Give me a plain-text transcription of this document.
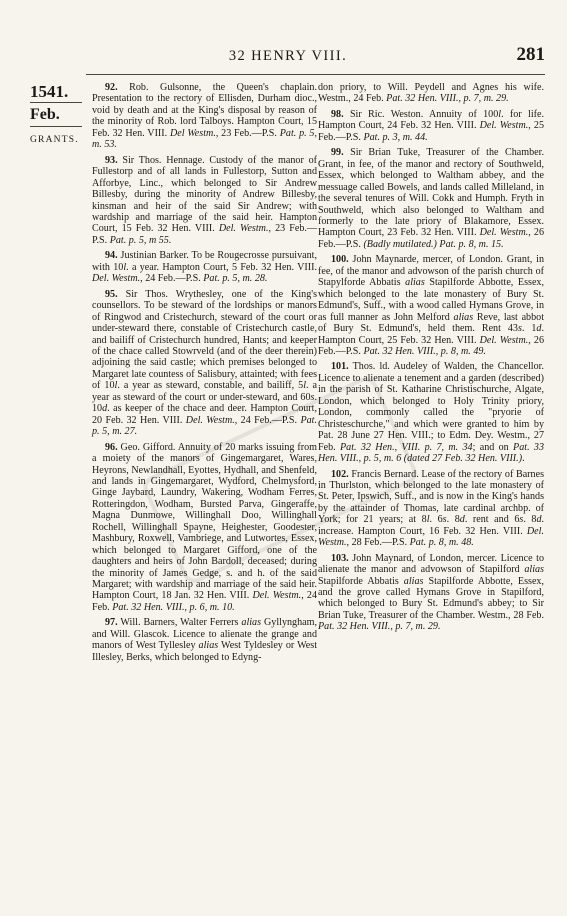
32 HENRY VIII.	281
1541.
Feb.
GRANTS.

92. Rob. Gulsonne, the Queen's chaplain. Presentation to the rectory of Ellisden, Durham dioc., void by death and at the King's disposal by reason of the minority of Rob. lord Talboys. Hampton Court, 15 Feb. 32 Hen. VIII. Del Westm., 23 Feb.—P.S. Pat. p. 5, m. 53.

93. Sir Thos. Hennage. Custody of the manor of Fullestorp and of all lands in Fullestorp, Sutton and Afforbye, Linc., which belonged to Sir Andrew Billesby, during the minority of Andrew Billesby, kinsman and heir of the said Sir Andrew; with wardship and marriage of the said heir. Hampton Court, 15 Feb. 32 Hen. VIII. Del. Westm., 23 Feb.—P.S. Pat. p. 5, m 55.

94. Justinian Barker. To be Rougecrosse pursuivant, with 10l. a year. Hampton Court, 5 Feb. 32 Hen. VIII. Del. Westm., 24 Feb.—P.S. Pat. p. 5, m. 28.

95. Sir Thos. Wrythesley, one of the King's counsellors. To be steward of the lordships or manors of Ringwod and Cristechurch, steward of the court or under-steward there, constable of Cristechurch castle, and bailiff of Cristechurch hundred, Hants; and keeper of the chace called Stowrveld (and of the deer therein) adjoining the said castle; which premises belonged to Margaret late countess of Salisbury, attainted; with fees of 10l. a year as steward, constable, and bailiff, 5l. a year as steward of the court or under-steward, and 60s. 10d. as keeper of the chace and deer. Hampton Court, 20 Feb. 32 Hen. VIII. Del. Westm., 24 Feb.—P.S. Pat. p. 5, m. 27.

96. Geo. Gifford. Annuity of 20 marks issuing from a moiety of the manors of Gingemargaret, Wares, Heyrons, Newlandhall, Eyottes, Hydhall, and Shenfeld, and lands in Gingemargaret, Wydford, Chelmysford, Ginge Jaybard, Laundry, Wakering, Wodham Ferres, Rotteringdon, Wodham, Bursted Parva, Gingeraffe, Magna Dunmowe, Willinghall Doo, Willinghall Rochell, Willinghall Spayne, Heighester, Goodester, Mashbury, Roxwell, Vambriege, and Lutwortes, Essex, which belonged to Margaret Gifford, one of the daughters and heirs of John Bardoll, deceased; during the minority of James Gedge, s. and h. of the said Margaret; with wardship and marriage of the said heir. Hampton Court, 18 Jan. 32 Hen. VIII. Del. Westm., 24 Feb. Pat. 32 Hen. VIII., p. 6, m. 10.

97. Will. Barners, Walter Ferrers alias Gyllyngham, and Will. Glascok. Licence to alienate the grange and manors of West Tyllesley alias West Tyldesley or West Illesley, Berks, which belonged to Edyng-

don priory, to Will. Peydell and Agnes his wife. Westm., 24 Feb. Pat. 32 Hen. VIII., p. 7, m. 29.

98. Sir Ric. Weston. Annuity of 100l. for life. Hampton Court, 24 Feb. 32 Hen. VIII. Del. Westm., 25 Feb.—P.S. Pat. p. 3, m. 44.

99. Sir Brian Tuke, Treasurer of the Chamber. Grant, in fee, of the manor and rectory of Southweld, Essex, which belonged to Waltham abbey, and the messuage called Bowels, and lands called Milleland, in the several tenures of Will. Cokk and Humph. Fryth in Southweld, which also belonged to Waltham and formerly to the late priory of Blakamore, Essex. Hampton Court, 23 Feb. 32 Hen. VIII. Del. Westm., 26 Feb.—P.S. (Badly mutilated.) Pat. p. 8, m. 15.

100. John Maynarde, mercer, of London. Grant, in fee, of the manor and advowson of the parish church of Stapylforde Abbatis alias Stapilforde Abbotte, Essex, which belonged to the late monastery of Bury St. Edmund's, Suff., with a wood called Hymans Grove, in as full manner as John Melford alias Reve, last abbot of Bury St. Edmund's, held them. Rent 43s. 1d. Hampton Court, 25 Feb. 32 Hen. VIII. Del. Westm., 26 Feb.—P.S. Pat. 32 Hen. VIII., p. 8, m. 49.

101. Thos. ld. Audeley of Walden, the Chancellor. Licence to alienate a tenement and a garden (described) in the parish of St. Katharine Christischurche, Algate, London, which belonged to Holy Trinity priory, London, commonly called the "pryorie of Christeschurche," and which were granted to him by Pat. 28 June 27 Hen. VIII.; to Edm. Dey. Westm., 27 Feb. Pat. 32 Hen., VIII. p. 7, m. 34; and on Pat. 33 Hen. VIII., p. 5, m. 6 (dated 27 Feb. 32 Hen. VIII.).

102. Francis Bernard. Lease of the rectory of Barnes in Thurlston, which belonged to the late monastery of St. Peter, Ipswich, Suff., and is now in the King's hands by the attainder of Thomas, late cardinal archbp. of York; for 21 years; at 8l. 6s. 8d. rent and 6s. 8d. increase. Hampton Court, 16 Feb. 32 Hen. VIII. Del. Westm., 28 Feb.—P.S. Pat. p. 8, m. 48.

103. John Maynard, of London, mercer. Licence to alienate the manor and advowson of Stapilford alias Stapilforde Abbatis alias Stapilforde Abbotte, Essex, and the grove called Hymans Grove in Stapilford, which belonged to Bury St. Edmund's abbey; to Sir Brian Tuke, Treasurer of the Chamber. Westm., 28 Feb. Pat. 32 Hen. VIII., p. 7, m. 29.
